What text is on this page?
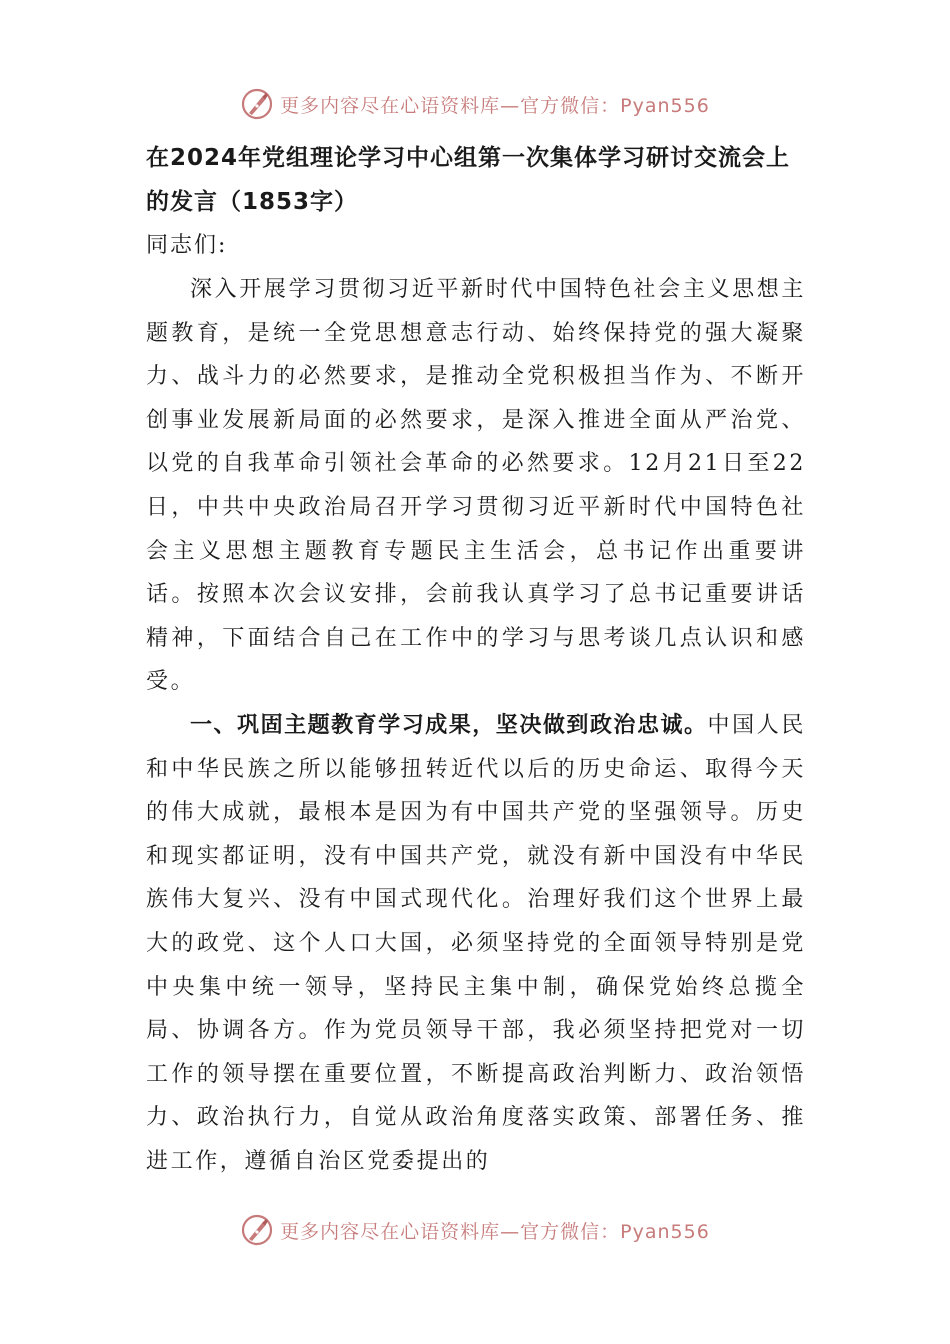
更多内容尽在心语资料库—官方微信：Pyan556

在2024年党组理论学习中心组第一次集体学习研讨交流会上的发言（1853字）

同志们:

深入开展学习贯彻习近平新时代中国特色社会主义思想主题教育，是统一全党思想意志行动、始终保持党的强大凝聚力、战斗力的必然要求，是推动全党积极担当作为、不断开创事业发展新局面的必然要求，是深入推进全面从严治党、以党的自我革命引领社会革命的必然要求。12月21日至22日，中共中央政治局召开学习贯彻习近平新时代中国特色社会主义思想主题教育专题民主生活会，总书记作出重要讲话。按照本次会议安排，会前我认真学习了总书记重要讲话精神，下面结合自己在工作中的学习与思考谈几点认识和感受。

一、巩固主题教育学习成果，坚决做到政治忠诚。中国人民和中华民族之所以能够扭转近代以后的历史命运、取得今天的伟大成就，最根本是因为有中国共产党的坚强领导。历史和现实都证明，没有中国共产党，就没有新中国没有中华民族伟大复兴、没有中国式现代化。治理好我们这个世界上最大的政党、这个人口大国，必须坚持党的全面领导特别是党中央集中统一领导，坚持民主集中制，确保党始终总揽全局、协调各方。作为党员领导干部，我必须坚持把党对一切工作的领导摆在重要位置，不断提高政治判断力、政治领悟力、政治执行力，自觉从政治角度落实政策、部署任务、推进工作，遵循自治区党委提出的

更多内容尽在心语资料库—官方微信：Pyan556
